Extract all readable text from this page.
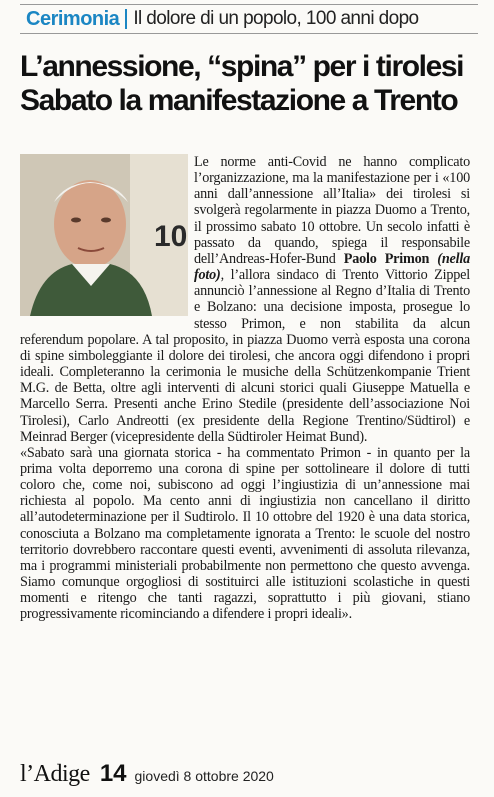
Cerimonia Il dolore di un popolo, 100 anni dopo
L’annessione, “spina” per i tirolesi
Sabato la manifestazione a Trento
10

Le norme anti-Covid ne hanno complicato l’organizzazione, ma la manifestazione per i «100 anni dall’annessione all’Italia» dei tirolesi si svolgerà regolarmente in piazza Duomo a Trento, il prossimo sabato 10 ottobre. Un secolo infatti è passato da quando, spiega il responsabile dell’Andreas-Hofer-Bund Paolo Primon (nella foto), l’allora sindaco di Trento Vittorio Zippel annunciò l’annessione al Regno d’Italia di Trento e Bolzano: una decisione imposta, prosegue lo stesso Primon, e non stabilita da alcun referendum popolare. A tal proposito, in piazza Duomo verrà esposta una corona di spine simboleggiante il dolore dei tirolesi, che ancora oggi difendono i propri ideali. Completeranno la cerimonia le musiche della Schützenkompanie Trient M.G. de Betta, oltre agli interventi di alcuni storici quali Giuseppe Matuella e Marcello Serra. Presenti anche Erino Stedile (presidente dell’associazione Noi Tirolesi), Carlo Andreotti (ex presidente della Regione Trentino/Südtirol) e Meinrad Berger (vicepresidente della Südtiroler Heimat Bund).

«Sabato sarà una giornata storica - ha commentato Primon - in quanto per la prima volta deporremo una corona di spine per sottolineare il dolore di tutti coloro che, come noi, subiscono ad oggi l’ingiustizia di un’annessione mai richiesta al popolo. Ma cento anni di ingiustizia non cancellano il diritto all’autodeterminazione per il Sudtirolo. Il 10 ottobre del 1920 è una data storica, conosciuta a Bolzano ma completamente ignorata a Trento: le scuole del nostro territorio dovrebbero raccontare questi eventi, avvenimenti di assoluta rilevanza, ma i programmi ministeriali probabilmente non permettono che questo avvenga. Siamo comunque orgogliosi di sostituirci alle istituzioni scolastiche in questi momenti e ritengo che tanti ragazzi, soprattutto i più giovani, stiano progressivamente ricominciando a difendere i propri ideali».

l’Adige 14 giovedì 8 ottobre 2020
